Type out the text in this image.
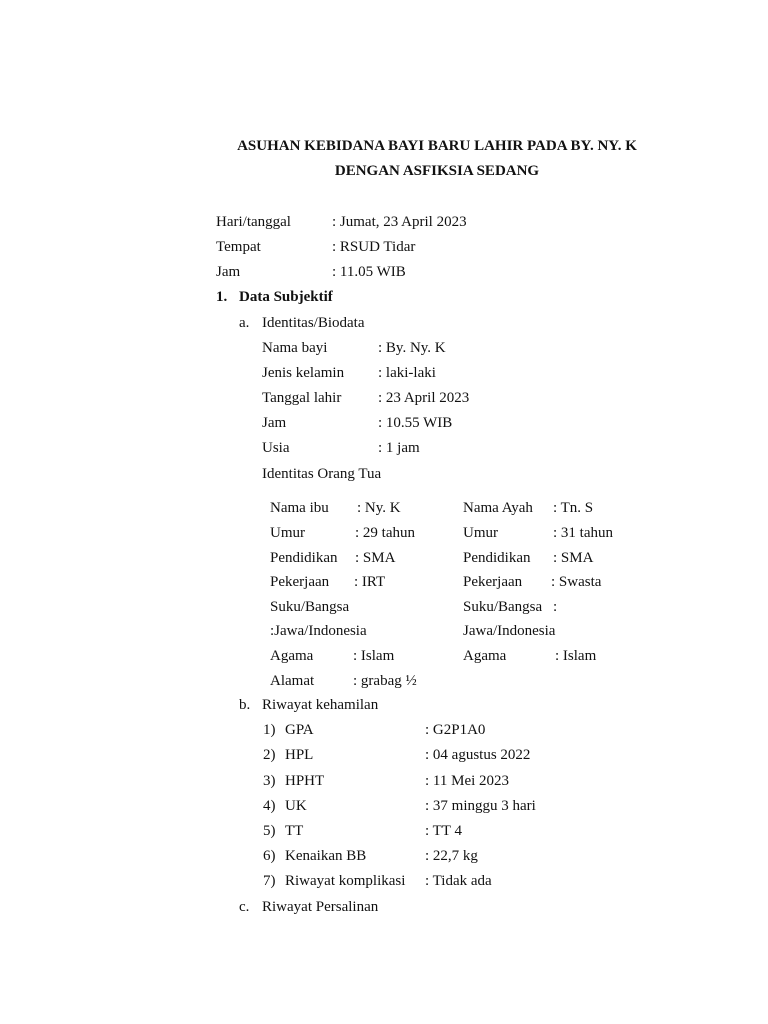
ASUHAN KEBIDANA BAYI BARU LAHIR PADA BY. NY. K
DENGAN ASFIKSIA SEDANG
Hari/tanggal	: Jumat, 23 April 2023
Tempat	: RSUD Tidar
Jam	: 11.05 WIB
1. Data Subjektif
a. Identitas/Biodata
Nama bayi	: By. Ny. K
Jenis kelamin : laki-laki
Tanggal lahir : 23 April 2023
Jam	: 10.55 WIB
Usia	: 1 jam
Identitas Orang Tua
Nama ibu : Ny. K
Umur	: 29 tahun
Pendidikan : SMA
Pekerjaan : IRT
Suku/Bangsa
:Jawa/Indonesia
Agama	: Islam
Alamat	: grabag ½
Nama Ayah : Tn. S
Umur	: 31 tahun
Pendidikan : SMA
Pekerjaan : Swasta
Suku/Bangsa :
Jawa/Indonesia
Agama	: Islam
b. Riwayat kehamilan
1) GPA	: G2P1A0
2) HPL	: 04 agustus 2022
3) HPHT	: 11 Mei 2023
4) UK	: 37 minggu 3 hari
5) TT	: TT 4
6) Kenaikan BB	: 22,7 kg
7) Riwayat komplikasi : Tidak ada
c. Riwayat Persalinan
